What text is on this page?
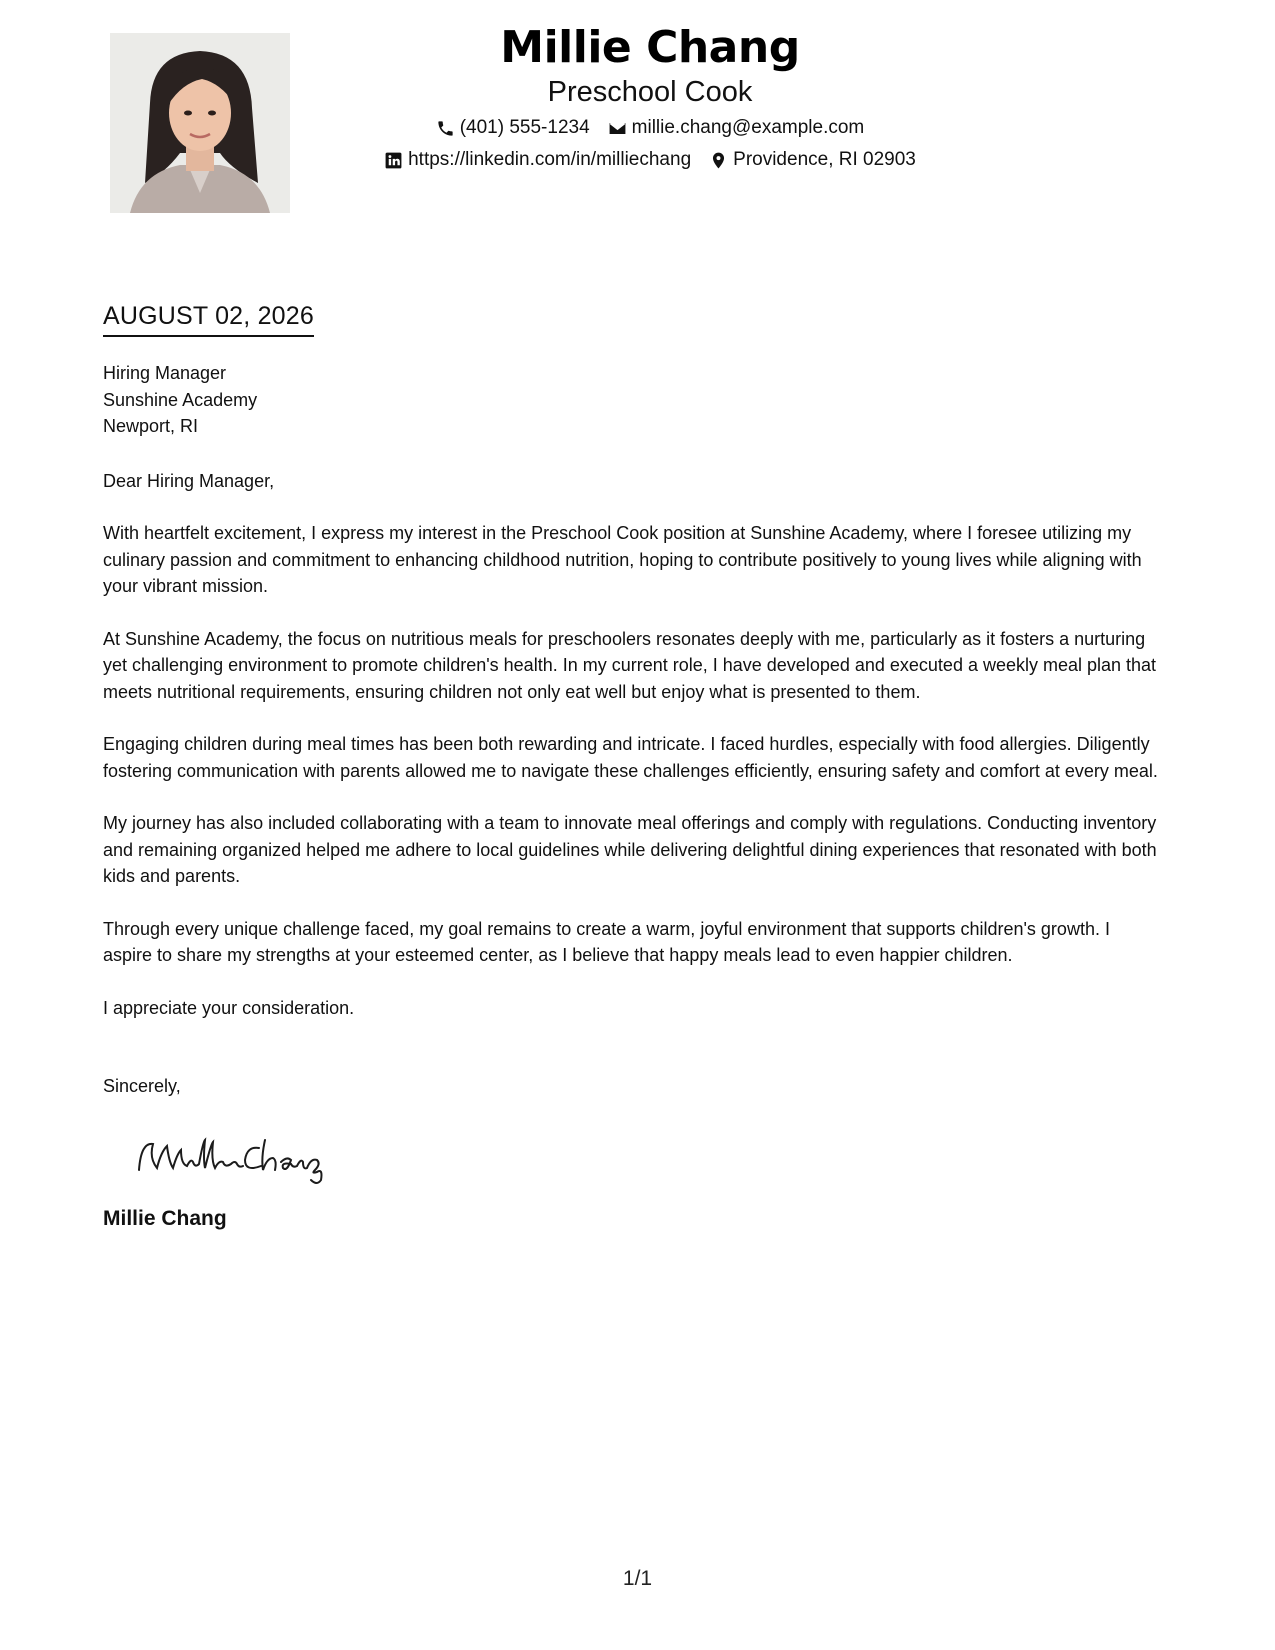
Millie Chang
Preschool Cook
(401) 555-1234 millie.chang@example.com
https://linkedin.com/in/milliechang Providence, RI 02903
AUGUST 02, 2026
Hiring Manager
Sunshine Academy
Newport, RI
Dear Hiring Manager,

With heartfelt excitement, I express my interest in the Preschool Cook position at Sunshine Academy, where I foresee utilizing my culinary passion and commitment to enhancing childhood nutrition, hoping to contribute positively to young lives while aligning with your vibrant mission.

At Sunshine Academy, the focus on nutritious meals for preschoolers resonates deeply with me, particularly as it fosters a nurturing yet challenging environment to promote children's health. In my current role, I have developed and executed a weekly meal plan that meets nutritional requirements, ensuring children not only eat well but enjoy what is presented to them.

Engaging children during meal times has been both rewarding and intricate. I faced hurdles, especially with food allergies. Diligently fostering communication with parents allowed me to navigate these challenges efficiently, ensuring safety and comfort at every meal.

My journey has also included collaborating with a team to innovate meal offerings and comply with regulations. Conducting inventory and remaining organized helped me adhere to local guidelines while delivering delightful dining experiences that resonated with both kids and parents.

Through every unique challenge faced, my goal remains to create a warm, joyful environment that supports children's growth. I aspire to share my strengths at your esteemed center, as I believe that happy meals lead to even happier children.

I appreciate your consideration.

Sincerely,
Millie Chang
1/1
